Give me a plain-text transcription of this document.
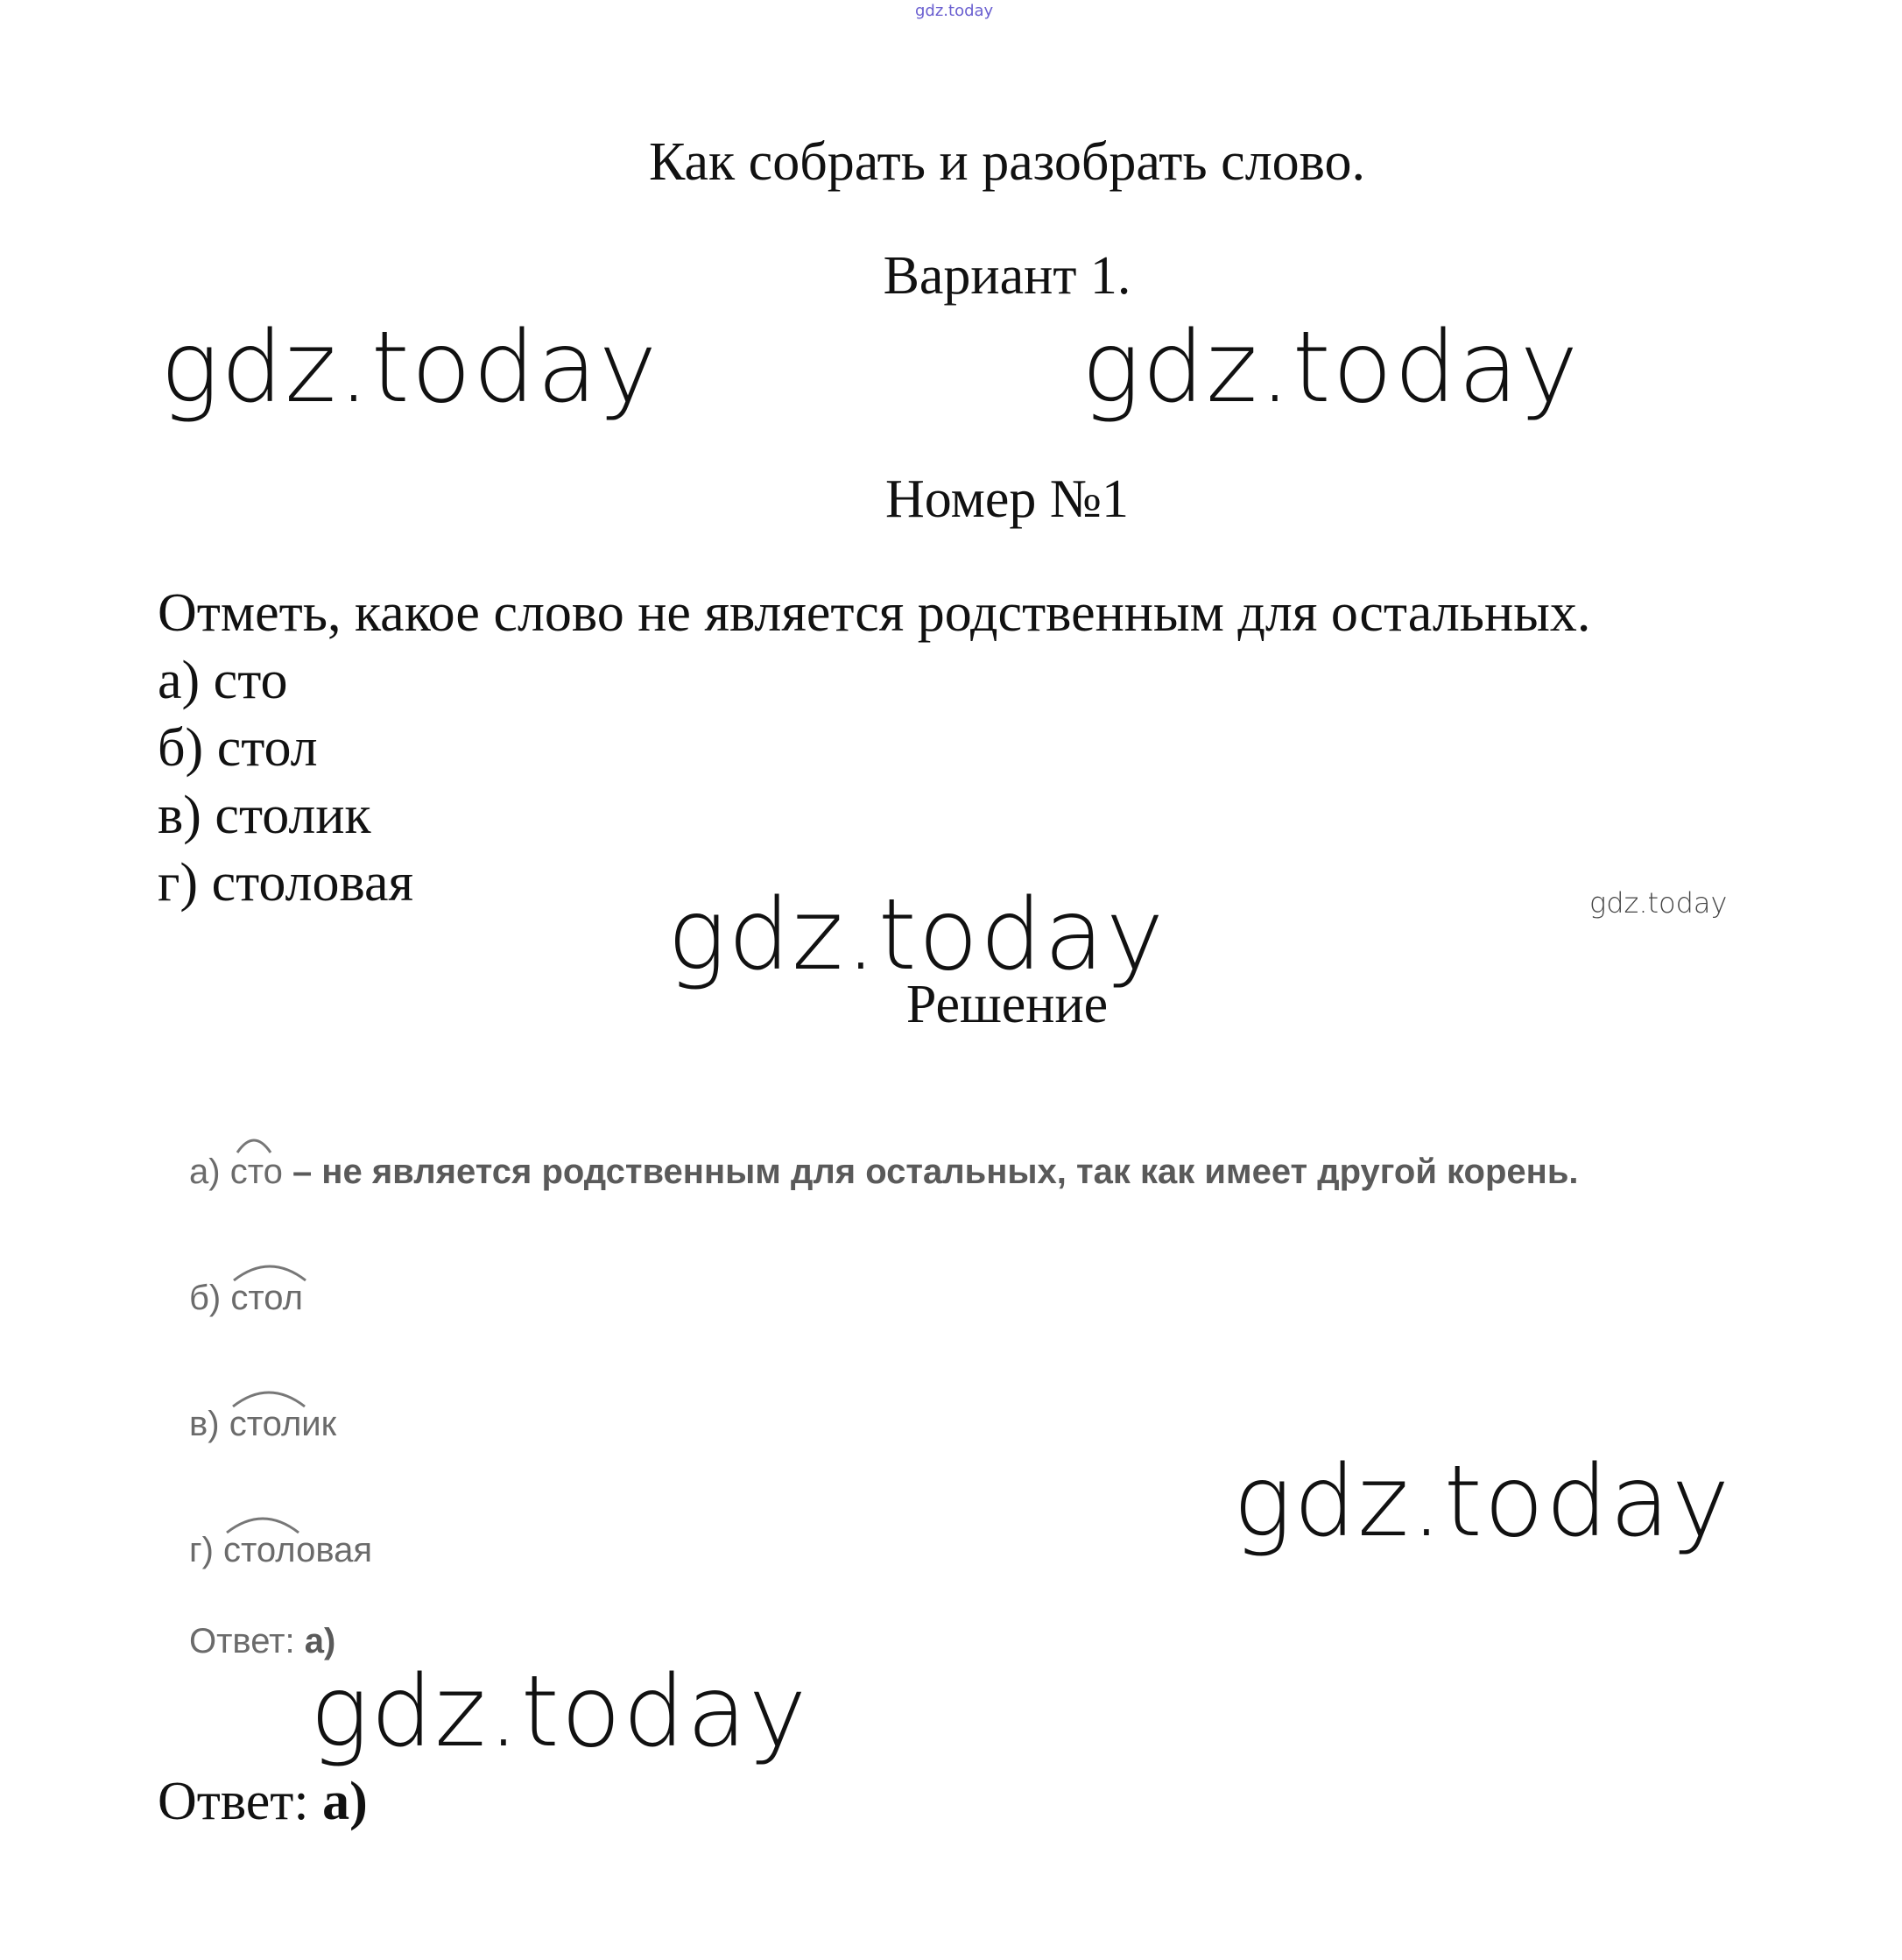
gdz.today
Как собрать и разобрать слово.
Вариант 1.
gdz.today	gdz.today
Номер №1
Отметь, какое слово не является родственным для остальных.
а) сто
б) стол
в) столик
г) столовая	gdz.today
gdz.today
Решение
а) сто – не является родственным для остальных, так как имеет другой корень.
б) стол
в) столик
г) столовая
Ответ: а)
gdz.today
gdz.today
Ответ: а)
